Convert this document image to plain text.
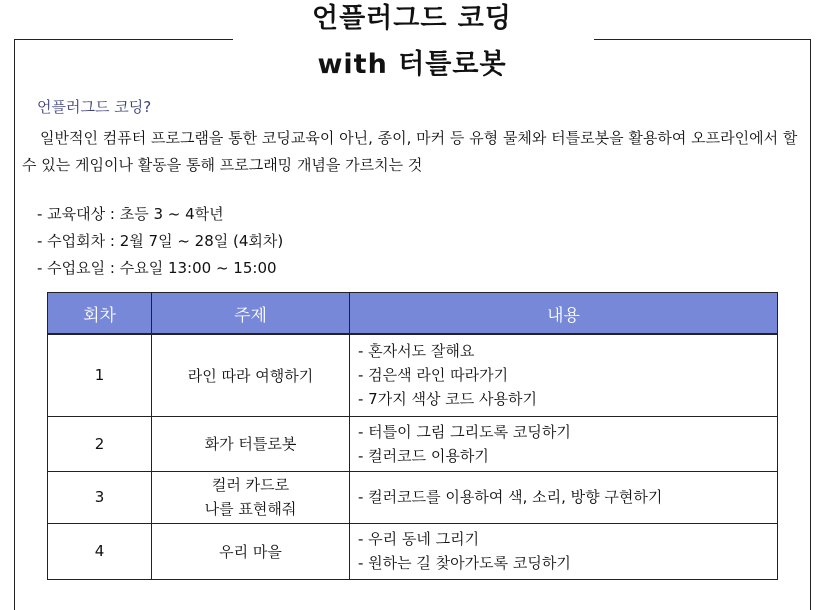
언플러그드 코딩
with 터틀로봇
언플러그드 코딩?
일반적인 컴퓨터 프로그램을 통한 코딩교육이 아닌, 종이, 마커 등 유형 물체와 터틀로봇을 활용하여 오프라인에서 할 수 있는 게임이나 활동을 통해 프로그래밍 개념을 가르치는 것
- 교육대상 : 초등 3 ~ 4학년
- 수업회차 : 2월 7일 ~ 28일 (4회차)
- 수업요일 : 수요일 13:00 ~ 15:00
회차	주제	내용
1	라인 따라 여행하기	- 혼자서도 잘해요
- 검은색 라인 따라가기
- 7가지 색상 코드 사용하기

2	화가 터틀로봇	- 터틀이 그림 그리도록 코딩하기
- 컬러코드 이용하기

3	컬러 카드로
나를 표현해줘	- 컬러코드를 이용하여 색, 소리, 방향 구현하기

4	우리 마을	- 우리 동네 그리기
- 원하는 길 찾아가도록 코딩하기
